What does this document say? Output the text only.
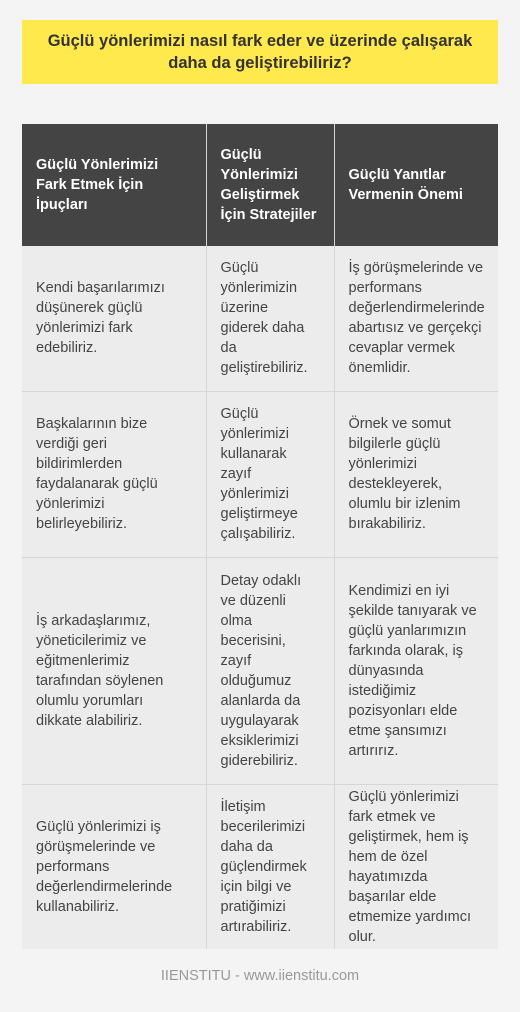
Güçlü yönlerimizi nasıl fark eder ve üzerinde çalışarak daha da geliştirebiliriz?
Güçlü Yönlerimizi Fark Etmek İçin İpuçları	Güçlü Yönlerimizi Geliştirmek İçin Stratejiler	Güçlü Yanıtlar Vermenin Önemi
Kendi başarılarımızı düşünerek güçlü yönlerimizi fark edebiliriz.	Güçlü yönlerimizin üzerine giderek daha da geliştirebiliriz.	İş görüşmelerinde ve performans değerlendirmelerinde abartısız ve gerçekçi cevaplar vermek önemlidir.
Başkalarının bize verdiği geri bildirimlerden faydalanarak güçlü yönlerimizi belirleyebiliriz.	Güçlü yönlerimizi kullanarak zayıf yönlerimizi geliştirmeye çalışabiliriz.	Örnek ve somut bilgilerle güçlü yönlerimizi destekleyerek, olumlu bir izlenim bırakabiliriz.
İş arkadaşlarımız, yöneticilerimiz ve eğitmenlerimiz tarafından söylenen olumlu yorumları dikkate alabiliriz.	Detay odaklı ve düzenli olma becerisini, zayıf olduğumuz alanlarda da uygulayarak eksiklerimizi giderebiliriz.	Kendimizi en iyi şekilde tanıyarak ve güçlü yanlarımızın farkında olarak, iş dünyasında istediğimiz pozisyonları elde etme şansımızı artırırız.
Güçlü yönlerimizi iş görüşmelerinde ve performans değerlendirmelerinde kullanabiliriz.	İletişim becerilerimizi daha da güçlendirmek için bilgi ve pratiğimizi artırabiliriz.	Güçlü yönlerimizi fark etmek ve geliştirmek, hem iş hem de özel hayatımızda başarılar elde etmemize yardımcı olur.
IIENSTITU - www.iienstitu.com
